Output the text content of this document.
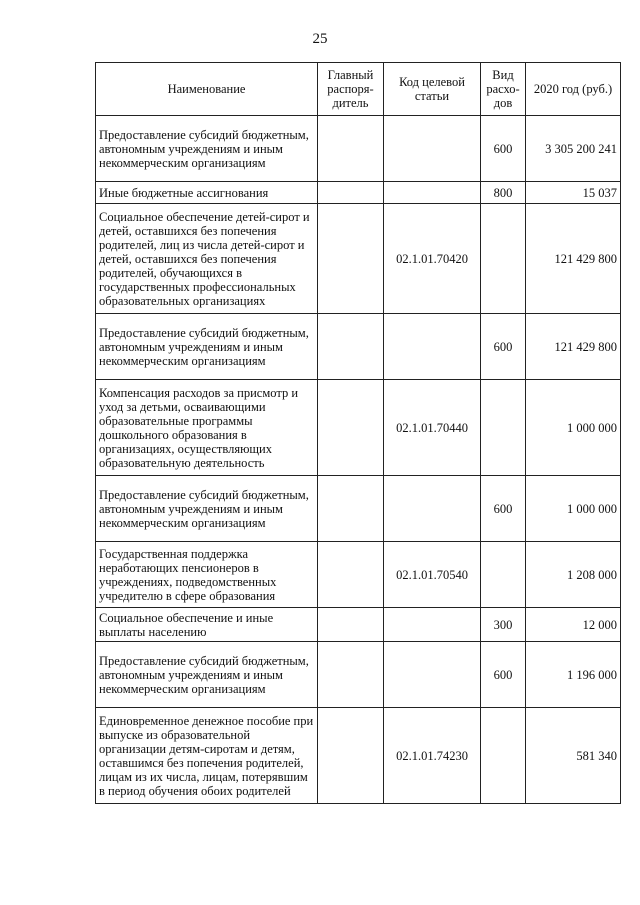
25
Наименование	Главный распоря-дитель	Код целевой статьи	Вид расхо-дов	2020 год (руб.)
Предоставление субсидий бюджетным, автономным учреждениям и иным некоммерческим организациям			600	3 305 200 241
Иные бюджетные ассигнования			800	15 037
Социальное обеспечение детей-сирот и детей, оставшихся без попечения родителей, лиц из числа детей-сирот и детей, оставшихся без попечения родителей, обучающихся в государственных профессиональных образовательных организациях		02.1.01.70420		121 429 800
Предоставление субсидий бюджетным, автономным учреждениям и иным некоммерческим организациям			600	121 429 800
Компенсация расходов за присмотр и уход за детьми, осваивающими образовательные программы дошкольного образования в организациях, осуществляющих образовательную деятельность		02.1.01.70440		1 000 000
Предоставление субсидий бюджетным, автономным учреждениям и иным некоммерческим организациям			600	1 000 000
Государственная поддержка неработающих пенсионеров в учреждениях, подведомственных учредителю в сфере образования		02.1.01.70540		1 208 000
Социальное обеспечение и иные выплаты населению			300	12 000
Предоставление субсидий бюджетным, автономным учреждениям и иным некоммерческим организациям			600	1 196 000
Единовременное денежное пособие при выпуске из образовательной организации детям-сиротам и детям, оставшимся без попечения родителей, лицам из их числа, лицам, потерявшим в период обучения обоих родителей		02.1.01.74230		581 340
